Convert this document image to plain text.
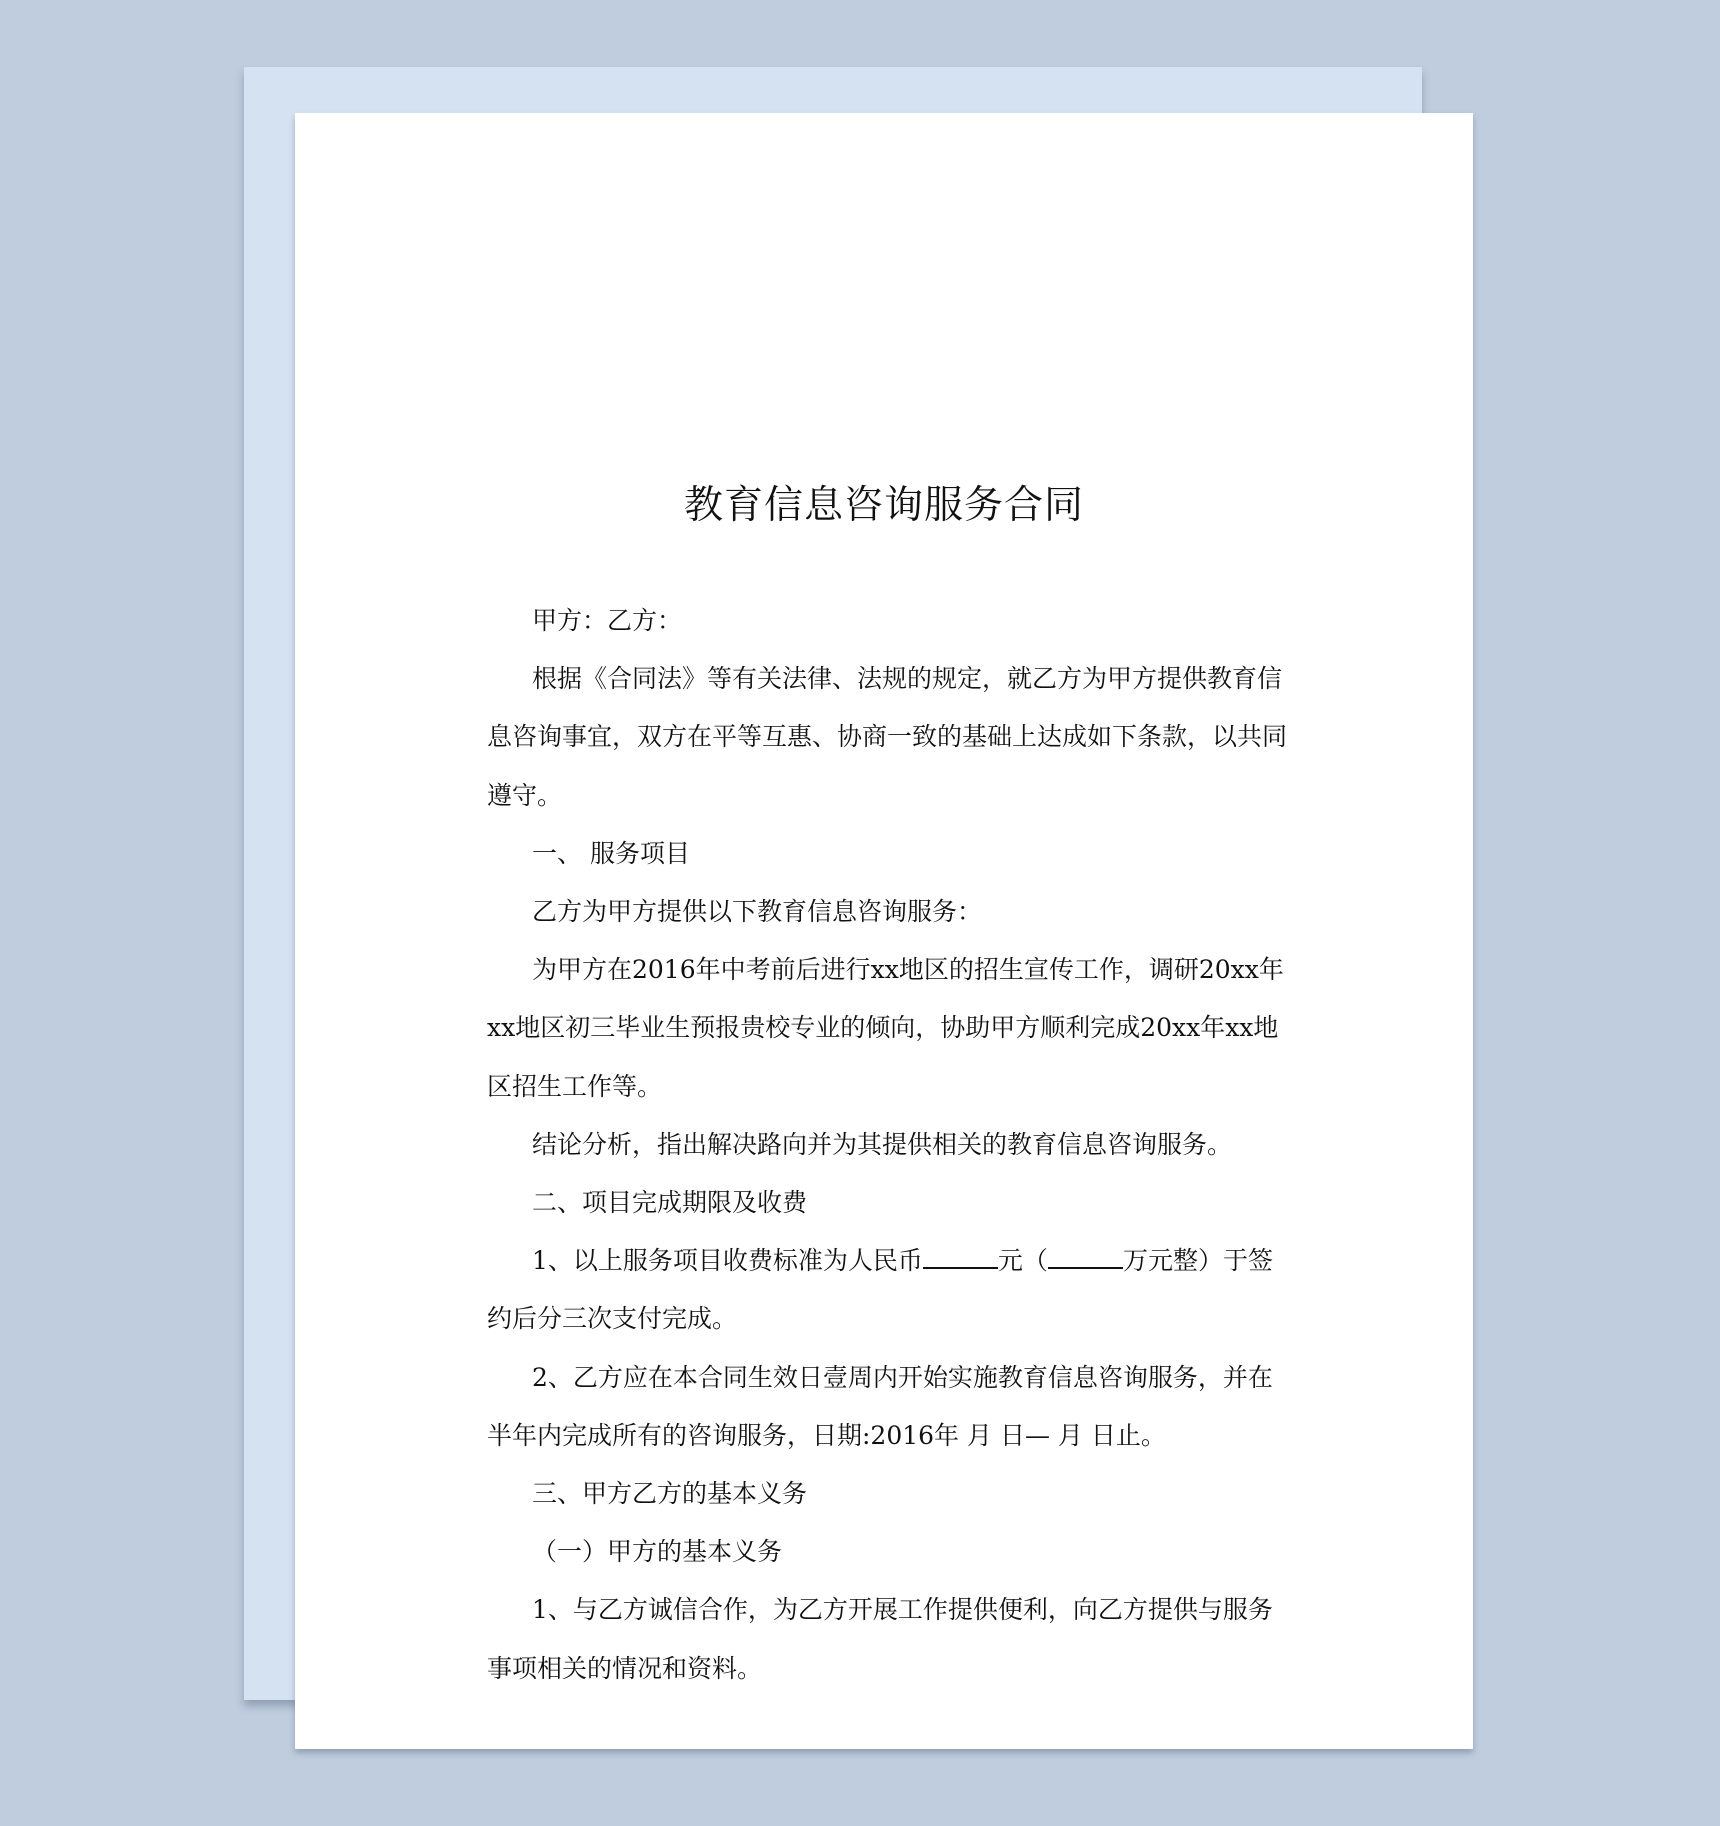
教育信息咨询服务合同

甲方：乙方：

根据《合同法》等有关法律、法规的规定，就乙方为甲方提供教育信息咨询事宜，双方在平等互惠、协商一致的基础上达成如下条款，以共同遵守。

一、 服务项目

乙方为甲方提供以下教育信息咨询服务：

为甲方在2016年中考前后进行xx地区的招生宣传工作，调研20xx年xx地区初三毕业生预报贵校专业的倾向，协助甲方顺利完成20xx年xx地区招生工作等。

结论分析，指出解决路向并为其提供相关的教育信息咨询服务。

二、项目完成期限及收费

1、以上服务项目收费标准为人民币	元（	万元整）于签约后分三次支付完成。

2、乙方应在本合同生效日壹周内开始实施教育信息咨询服务，并在半年内完成所有的咨询服务，日期:2016年 月 日— 月 日止。

三、甲方乙方的基本义务

（一）甲方的基本义务

1、与乙方诚信合作，为乙方开展工作提供便利，向乙方提供与服务事项相关的情况和资料。
